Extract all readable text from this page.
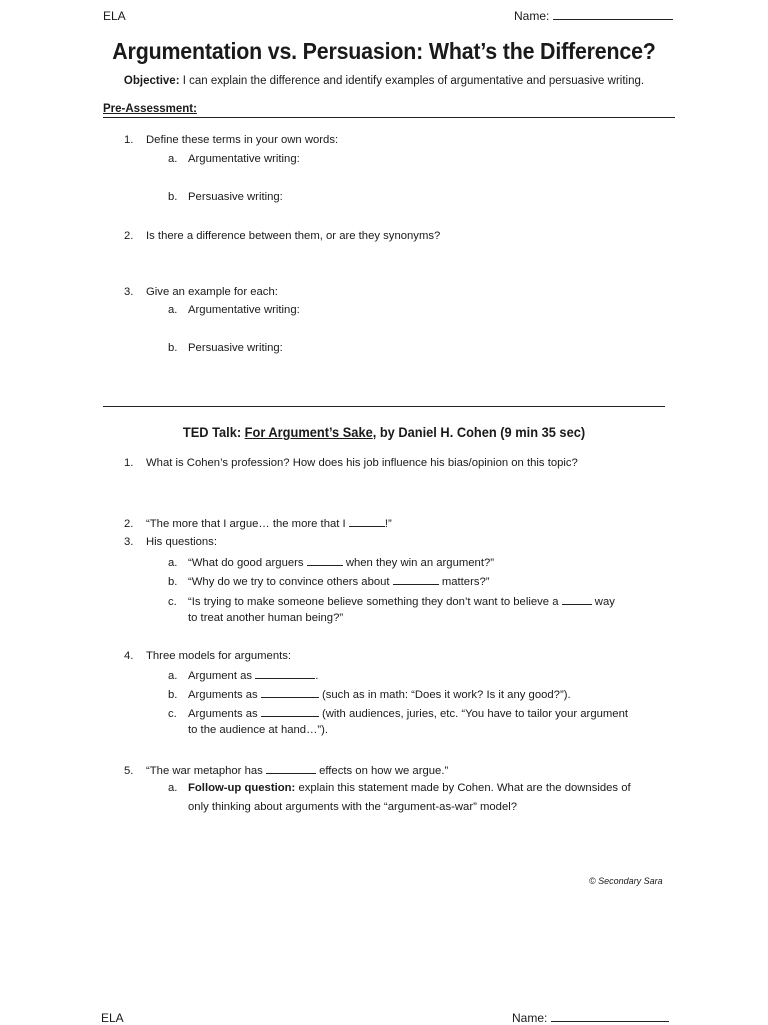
ELA	Name:
Argumentation vs. Persuasion: What’s the Difference?
Objective: I can explain the difference and identify examples of argumentative and persuasive writing.
Pre-Assessment:
1. Define these terms in your own words:
a. Argumentative writing:
b. Persuasive writing:
2. Is there a difference between them, or are they synonyms?
3. Give an example for each:
a. Argumentative writing:
b. Persuasive writing:
TED Talk: For Argument’s Sake, by Daniel H. Cohen (9 min 35 sec)
1. What is Cohen’s profession? How does his job influence his bias/opinion on this topic?
2. “The more that I argue… the more that I	!”
3. His questions:
a. “What do good arguers	when they win an argument?”
b. “Why do we try to convince others about	matters?”
c. “Is trying to make someone believe something they don’t want to believe a	way
to treat another human being?”
4. Three models for arguments:
a. Argument as	.
b. Arguments as	(such as in math: “Does it work? Is it any good?”).
c. Arguments as	(with audiences, juries, etc. “You have to tailor your argument
to the audience at hand…”).
5. “The war metaphor has	effects on how we argue.”
a. Follow-up question: explain this statement made by Cohen. What are the downsides of
only thinking about arguments with the “argument-as-war” model?
© Secondary Sara
ELA	Name:
